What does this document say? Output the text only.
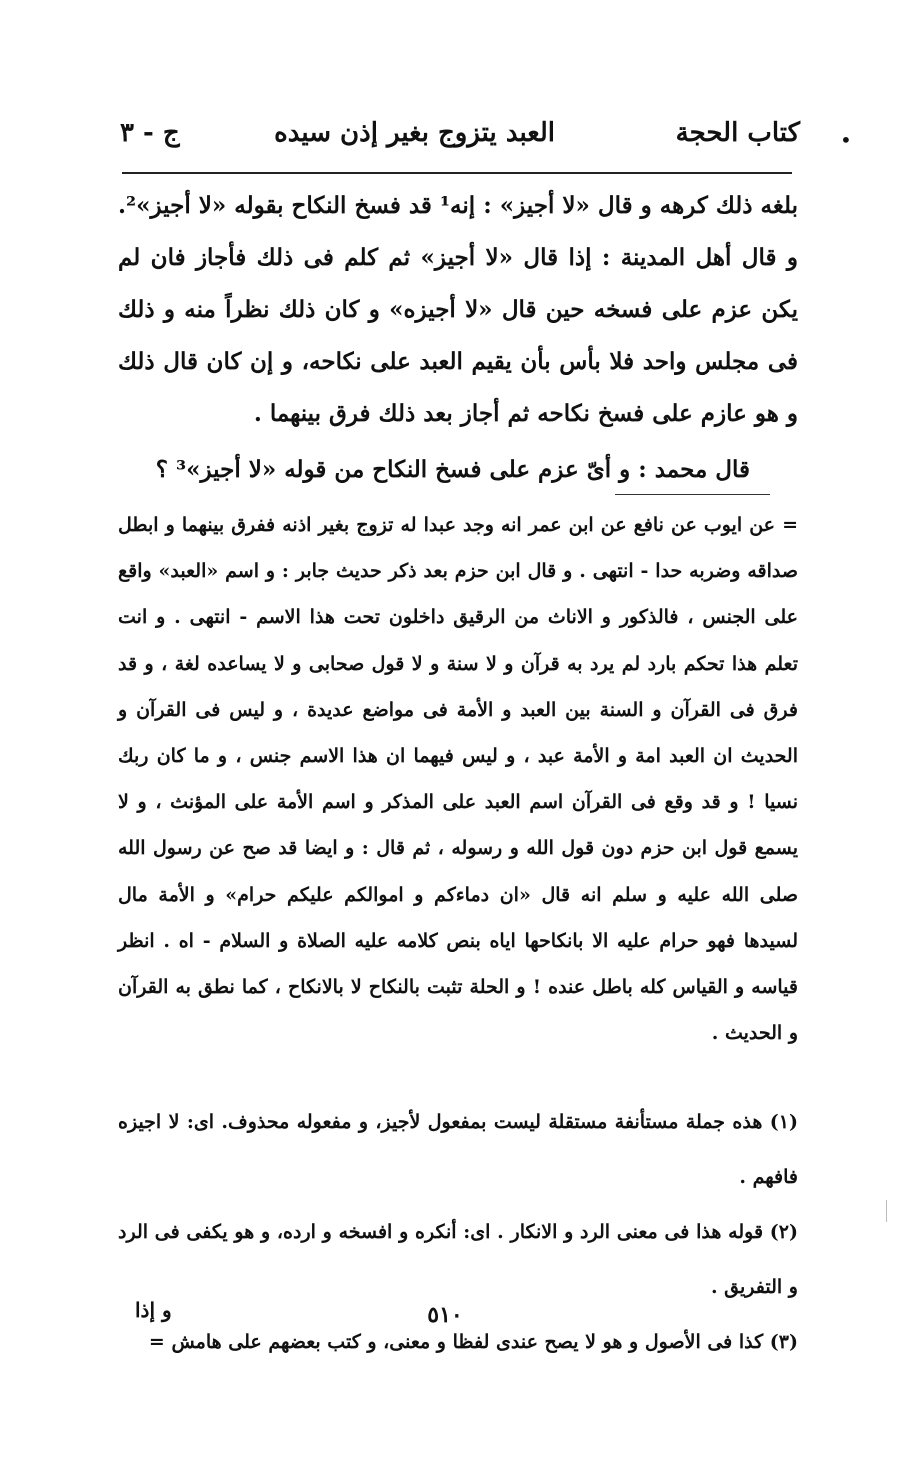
•
كتاب الحجة
العبد يتزوج بغير إذن سيده
ج - ٣

بلغه ذلك كرهه و قال «لا أجيز» : إنه¹ قد فسخ النكاح بقوله «لا أجيز»². و قال أهل المدينة : إذا قال «لا أجيز» ثم كلم فى ذلك فأجاز فان لم يكن عزم على فسخه حين قال «لا أجيزه» و كان ذلك نظراً منه و ذلك فى مجلس واحد فلا بأس بأن يقيم العبد على نكاحه، و إن كان قال ذلك و هو عازم على فسخ نكاحه ثم أجاز بعد ذلك فرق بينهما .

قال محمد : و أىّ عزم على فسخ النكاح من قوله «لا أجيز»³ ؟

= عن ايوب عن نافع عن ابن عمر انه وجد عبدا له تزوج بغير اذنه ففرق بينهما و ابطل صداقه وضربه حدا - انتهى . و قال ابن حزم بعد ذكر حديث جابر : و اسم «العبد» واقع على الجنس ، فالذكور و الاناث من الرقيق داخلون تحت هذا الاسم - انتهى . و انت تعلم هذا تحكم بارد لم يرد به قرآن و لا سنة و لا قول صحابى و لا يساعده لغة ، و قد فرق فى القرآن و السنة بين العبد و الأمة فى مواضع عديدة ، و ليس فى القرآن و الحديث ان العبد امة و الأمة عبد ، و ليس فيهما ان هذا الاسم جنس ، و ما كان ربك نسيا ! و قد وقع فى القرآن اسم العبد على المذكر و اسم الأمة على المؤنث ، و لا يسمع قول ابن حزم دون قول الله و رسوله ، ثم قال : و ايضا قد صح عن رسول الله صلى الله عليه و سلم انه قال «ان دماءكم و اموالكم عليكم حرام» و الأمة مال لسيدها فهو حرام عليه الا بانكاحها اياه بنص كلامه عليه الصلاة و السلام - اه . انظر قياسه و القياس كله باطل عنده ! و الحلة تثبت بالنكاح لا بالانكاح ، كما نطق به القرآن و الحديث .

(١) هذه جملة مستأنفة مستقلة ليست بمفعول لأجيز، و مفعوله محذوف. اى: لا اجيزه فافهم .

(٢) قوله هذا فى معنى الرد و الانكار . اى: أنكره و افسخه و ارده، و هو يكفى فى الرد و التفريق .

(٣) كذا فى الأصول و هو لا يصح عندى لفظا و معنى، و كتب بعضهم على هامش =

و إذا	٥١٠
